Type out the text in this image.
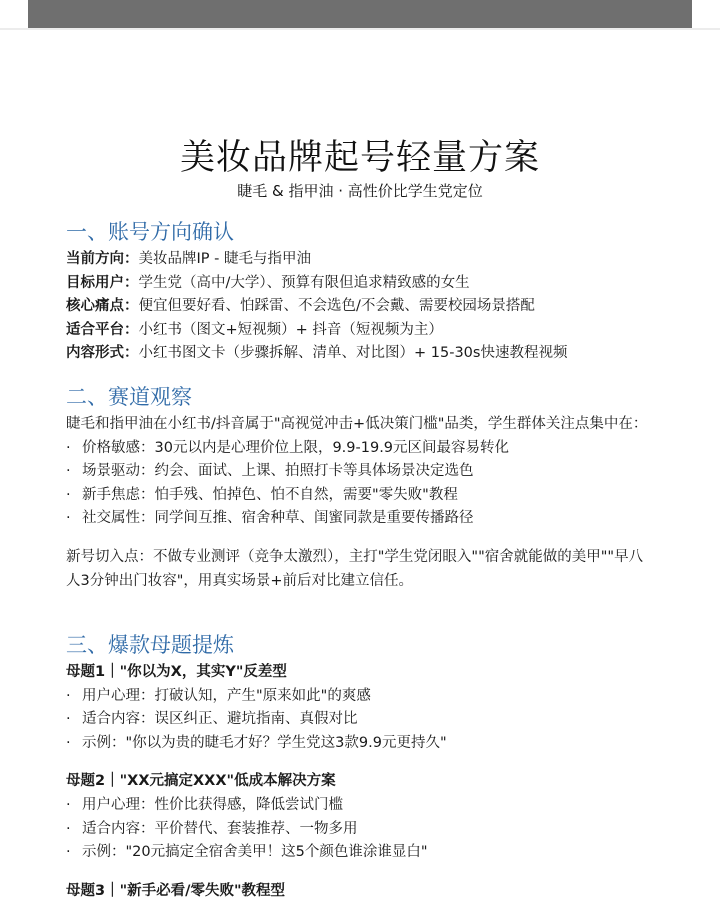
美妆品牌起号轻量方案
睫毛 & 指甲油 · 高性价比学生党定位
一、账号方向确认
当前方向：美妆品牌IP - 睫毛与指甲油
目标用户：学生党（高中/大学）、预算有限但追求精致感的女生
核心痛点：便宜但要好看、怕踩雷、不会选色/不会戴、需要校园场景搭配
适合平台：小红书（图文+短视频）+ 抖音（短视频为主）
内容形式：小红书图文卡（步骤拆解、清单、对比图）+ 15-30s快速教程视频
二、赛道观察
睫毛和指甲油在小红书/抖音属于"高视觉冲击+低决策门槛"品类，学生群体关注点集中在：
· 价格敏感：30元以内是心理价位上限，9.9-19.9元区间最容易转化
· 场景驱动：约会、面试、上课、拍照打卡等具体场景决定选色
· 新手焦虑：怕手残、怕掉色、怕不自然，需要"零失败"教程
· 社交属性：同学间互推、宿舍种草、闺蜜同款是重要传播路径
新号切入点：不做专业测评（竞争太激烈），主打"学生党闭眼入""宿舍就能做的美甲""早八人3分钟出门妆容"，用真实场景+前后对比建立信任。
三、爆款母题提炼
母题1｜"你以为X，其实Y"反差型
· 用户心理：打破认知，产生"原来如此"的爽感
· 适合内容：误区纠正、避坑指南、真假对比
· 示例："你以为贵的睫毛才好？学生党这3款9.9元更持久"
母题2｜"XX元搞定XXX"低成本解决方案
· 用户心理：性价比获得感，降低尝试门槛
· 适合内容：平价替代、套装推荐、一物多用
· 示例："20元搞定全宿舍美甲！这5个颜色谁涂谁显白"
母题3｜"新手必看/零失败"教程型
